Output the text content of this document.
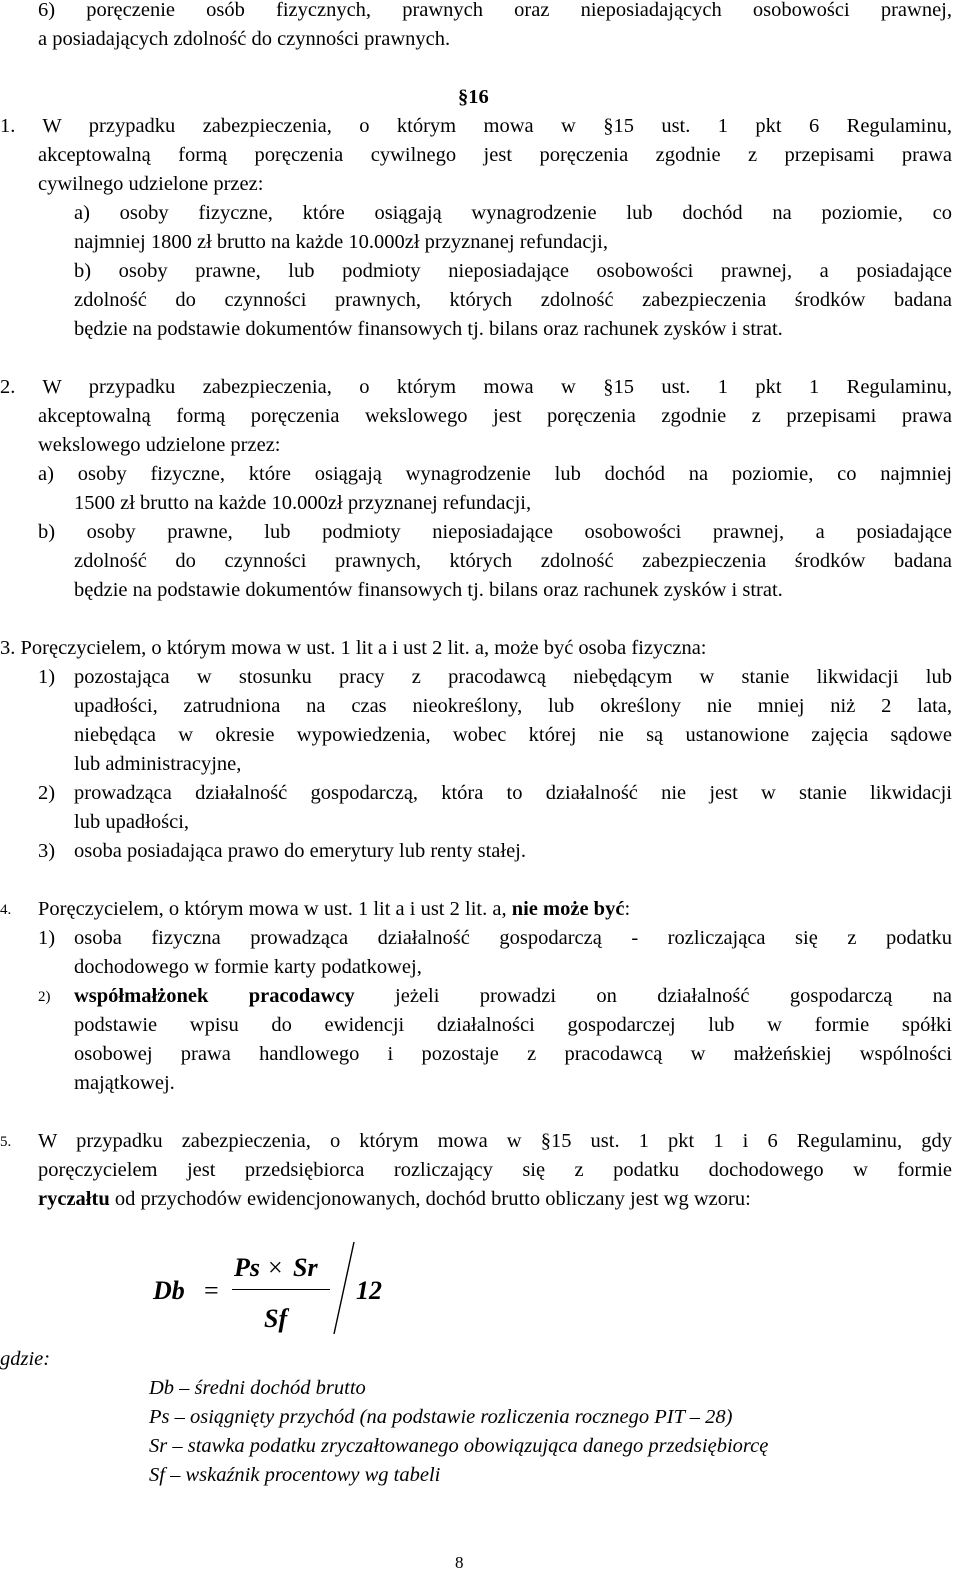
6) poręczenie osób fizycznych, prawnych oraz nieposiadających osobowości prawnej,
a posiadających zdolność do czynności prawnych.
§16
1. W przypadku zabezpieczenia, o którym mowa w §15 ust. 1 pkt 6 Regulaminu,
akceptowalną formą poręczenia cywilnego jest poręczenia zgodnie z przepisami prawa
cywilnego udzielone przez:
a) osoby fizyczne, które osiągają wynagrodzenie lub dochód na poziomie, co
najmniej 1800 zł brutto na każde 10.000zł przyznanej refundacji,
b) osoby prawne, lub podmioty nieposiadające osobowości prawnej, a posiadające
zdolność do czynności prawnych, których zdolność zabezpieczenia środków badana
będzie na podstawie dokumentów finansowych tj. bilans oraz rachunek zysków i strat.
2. W przypadku zabezpieczenia, o którym mowa w §15 ust. 1 pkt 1 Regulaminu,
akceptowalną formą poręczenia wekslowego jest poręczenia zgodnie z przepisami prawa
wekslowego udzielone przez:
a) osoby fizyczne, które osiągają wynagrodzenie lub dochód na poziomie, co najmniej
1500 zł brutto na każde 10.000zł przyznanej refundacji,
b) osoby prawne, lub podmioty nieposiadające osobowości prawnej, a posiadające
zdolność do czynności prawnych, których zdolność zabezpieczenia środków badana
będzie na podstawie dokumentów finansowych tj. bilans oraz rachunek zysków i strat.
3. Poręczycielem, o którym mowa w ust. 1 lit a i ust 2 lit. a, może być osoba fizyczna:
1) pozostająca w stosunku pracy z pracodawcą niebędącym w stanie likwidacji lub
upadłości, zatrudniona na czas nieokreślony, lub określony nie mniej niż 2 lata,
niebędąca w okresie wypowiedzenia, wobec której nie są ustanowione zajęcia sądowe
lub administracyjne,
2) prowadząca działalność gospodarczą, która to działalność nie jest w stanie likwidacji
lub upadłości,
3) osoba posiadająca prawo do emerytury lub renty stałej.
4. Poręczycielem, o którym mowa w ust. 1 lit a i ust 2 lit. a, nie może być:
1) osoba fizyczna prowadząca działalność gospodarczą - rozliczająca się z podatku
dochodowego w formie karty podatkowej,
2) współmałżonek pracodawcy jeżeli prowadzi on działalność gospodarczą na
podstawie wpisu do ewidencji działalności gospodarczej lub w formie spółki
osobowej prawa handlowego i pozostaje z pracodawcą w małżeńskiej wspólności
majątkowej.
5. W przypadku zabezpieczenia, o którym mowa w §15 ust. 1 pkt 1 i 6 Regulaminu, gdy
poręczycielem jest przedsiębiorca rozliczający się z podatku dochodowego w formie
ryczałtu od przychodów ewidencjonowanych, dochód brutto obliczany jest wg wzoru:
Db =
Ps × Sr
Sf
12
gdzie:
Db – średni dochód brutto
Ps – osiągnięty przychód (na podstawie rozliczenia rocznego PIT – 28)
Sr – stawka podatku zryczałtowanego obowiązująca danego przedsiębiorcę
Sf – wskaźnik procentowy wg tabeli
8
